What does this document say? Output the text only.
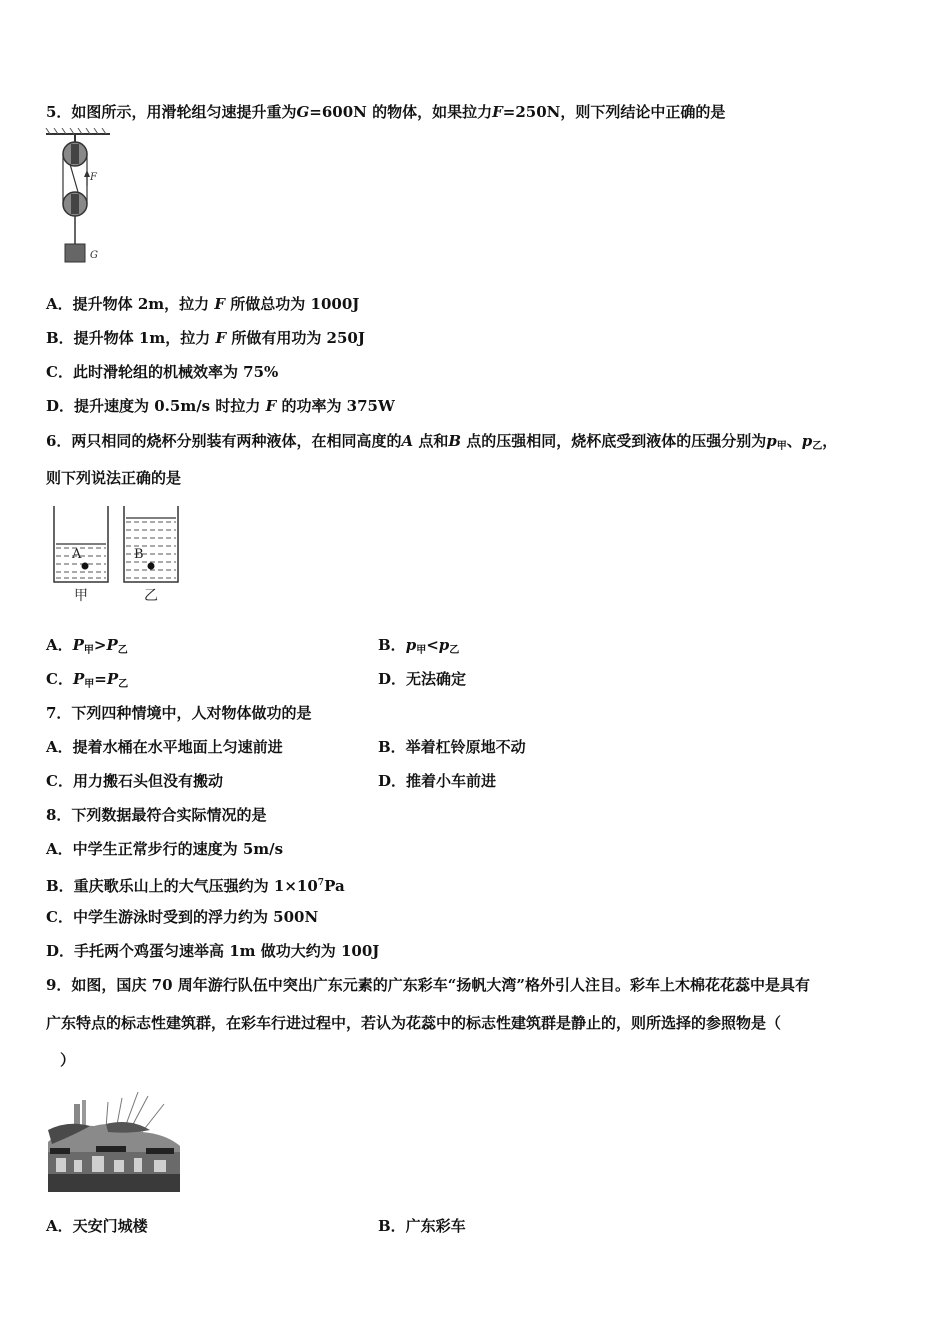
5．如图所示，用滑轮组匀速提升重为G=600N 的物体，如果拉力F=250N，则下列结论中正确的是
F
G
A．提升物体 2m，拉力 F 所做总功为 1000J
B．提升物体 1m，拉力 F 所做有用功为 250J
C．此时滑轮组的机械效率为 75%
D．提升速度为 0.5m/s 时拉力 F 的功率为 375W
6．两只相同的烧杯分别装有两种液体，在相同高度的A 点和B 点的压强相同，烧杯底受到液体的压强分别为$p_甲$、$p_乙$，
则下列说法正确的是
A	B
甲	乙
A．$P_甲>P_乙$	B．$p_甲<p_乙$
C．$P_甲=P_乙$	D．无法确定
7．下列四种情境中，人对物体做功的是
A．提着水桶在水平地面上匀速前进	B．举着杠铃原地不动
C．用力搬石头但没有搬动	D．推着小车前进
8．下列数据最符合实际情况的是
A．中学生正常步行的速度为 5m/s
B．重庆歌乐山上的大气压强约为 $1\times 10^7Pa$
C．中学生游泳时受到的浮力约为 500N
D．手托两个鸡蛋匀速举高 1m 做功大约为 100J
9．如图，国庆 70 周年游行队伍中突出广东元素的广东彩车“扬帆大湾”格外引人注目。彩车上木棉花花蕊中是具有
广东特点的标志性建筑群，在彩车行进过程中，若认为花蕊中的标志性建筑群是静止的，则所选择的参照物是（
）
A．天安门城楼	B．广东彩车
